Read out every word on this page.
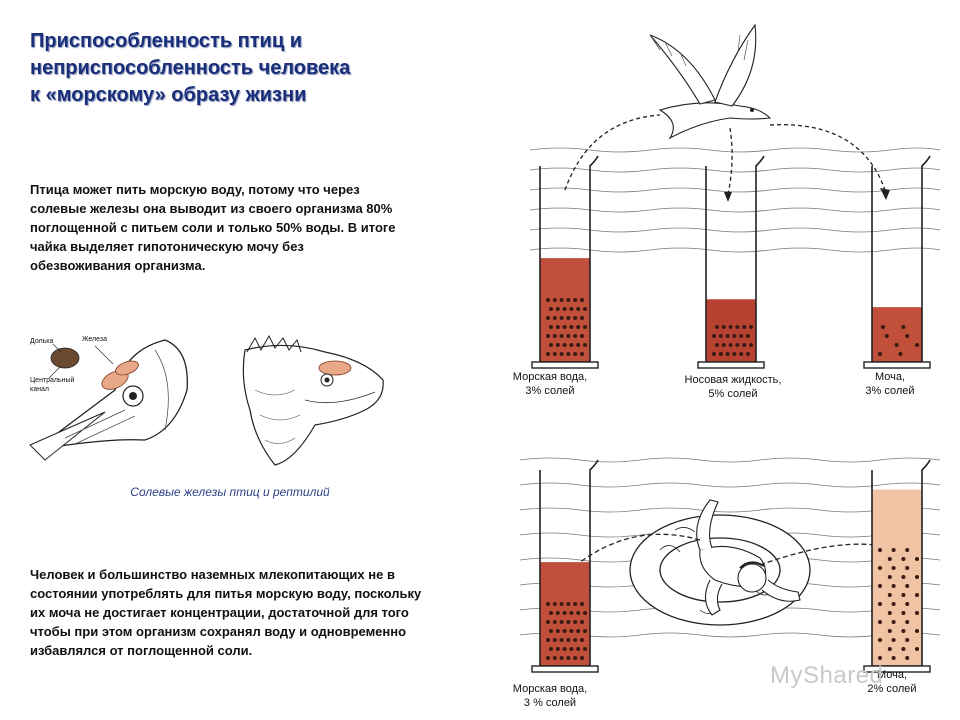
Приспособленность птиц и
неприспособленность человека
к «морскому» образу жизни
Птица может пить морскую воду, потому что через солевые железы она выводит из своего организма 80% поглощенной с питьем соли и только 50% воды. В итоге чайка выделяет гипотоническую мочу без обезвоживания организма.
Долька	Железа
Центральный
канал
Солевые железы птиц и рептилий
Человек и большинство наземных млекопитающих не в состоянии употреблять для питья морскую воду, поскольку их моча не достигает концентрации, достаточной для того чтобы при этом организм сохранял воду и одновременно избавлялся от поглощенной соли.
Морская вода,
3% солей
Носовая жидкость,
5% солей
Моча,
3% солей
Морская вода,
3 % солей
Моча,
2% солей
MyShared
